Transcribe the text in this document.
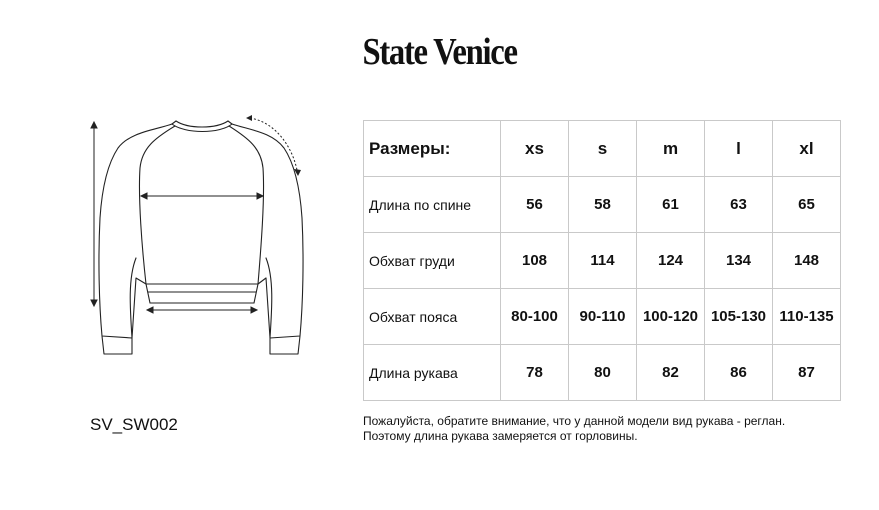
State Venice
SV_SW002
Размеры:	xs	s	m	l	xl
Длина по спине	56	58	61	63	65
Обхват груди	108	114	124	134	148
Обхват пояса	80-100	90-110	100-120	105-130	110-135
Длина рукава	78	80	82	86	87
Пожалуйста, обратите внимание, что у данной модели вид рукава - реглан.
Поэтому длина рукава замеряется от горловины.
